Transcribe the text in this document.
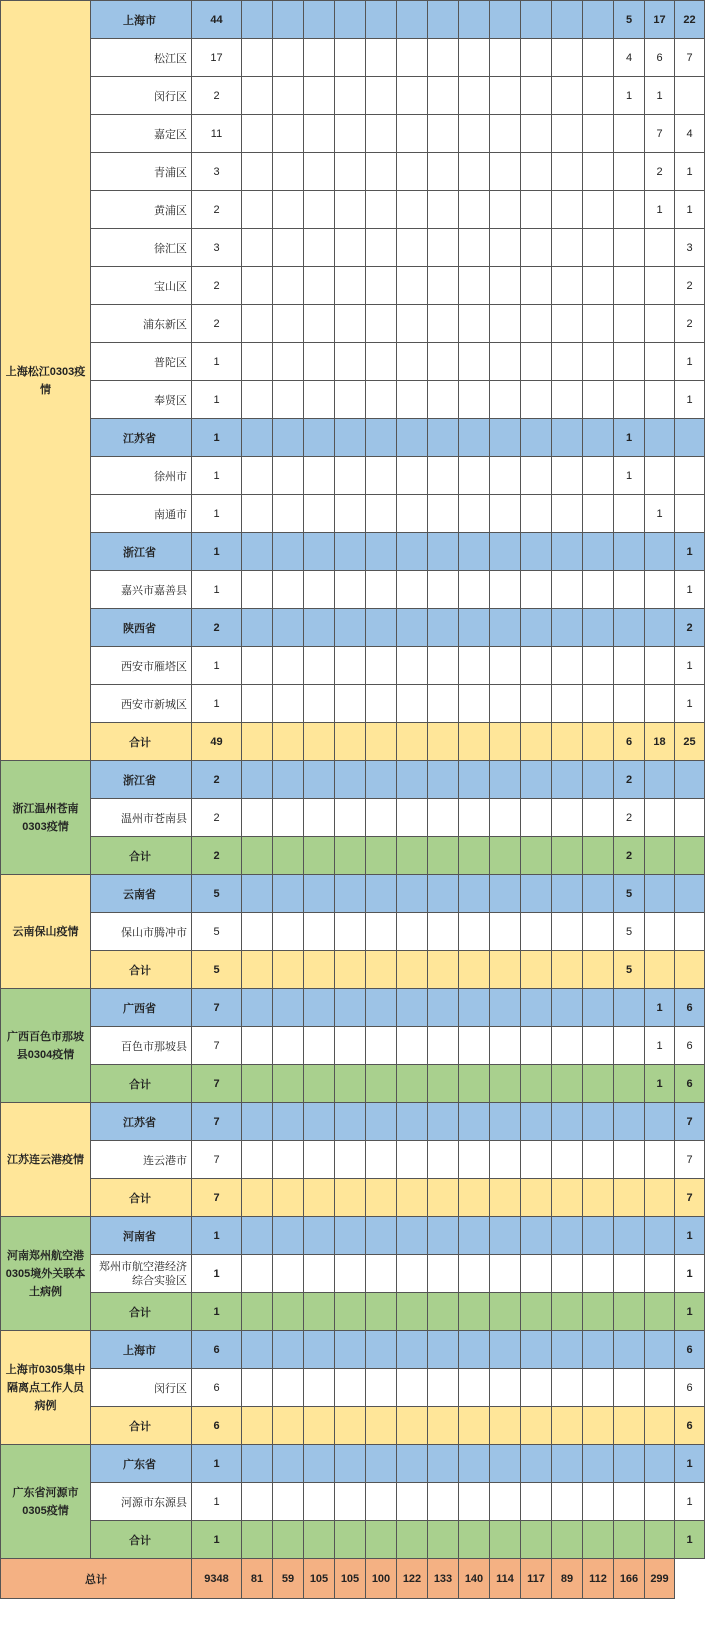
上海松江0303疫情	上海市	44													5	17	22
	松江区	17													4	6	7
	闵行区	2													1	1	
	嘉定区	11														7	4
	青浦区	3														2	1
	黄浦区	2														1	1
	徐汇区	3															3
	宝山区	2															2
	浦东新区	2															2
	普陀区	1															1
	奉贤区	1															1
	江苏省	1													1		
	徐州市	1													1		
	南通市	1														1	
	浙江省	1															1
	嘉兴市嘉善县	1															1
	陕西省	2															2
	西安市雁塔区	1															1
	西安市新城区	1															1
	合计	49													6	18	25
浙江温州苍南0303疫情	浙江省	2													2		
	温州市苍南县	2													2		
	合计	2													2		
云南保山疫情	云南省	5													5		
	保山市腾冲市	5													5		
	合计	5													5		
广西百色市那坡县0304疫情	广西省	7														1	6
	百色市那坡县	7														1	6
	合计	7														1	6
江苏连云港疫情	江苏省	7															7
	连云港市	7															7
	合计	7															7
河南郑州航空港0305境外关联本土病例	河南省	1															1
	郑州市航空港经济综合实验区	1															1
	合计	1															1
上海市0305集中隔离点工作人员病例	上海市	6															6
	闵行区	6															6
	合计	6															6
广东省河源市0305疫情	广东省	1															1
	河源市东源县	1															1
	合计	1															1
总计		9348	81	59	105	105	100	122	133	140	114	117	89	112	166	299	
